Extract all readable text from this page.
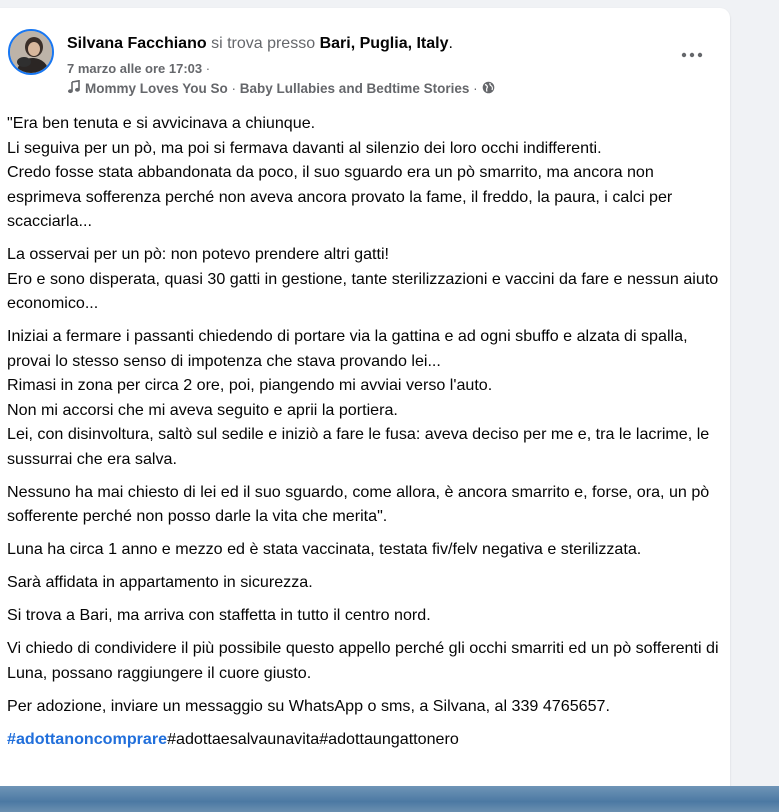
Silvana Facchiano si trova presso Bari, Puglia, Italy.
7 marzo alle ore 17:03 ·
Mommy Loves You So · Baby Lullabies and Bedtime Stories ·

"Era ben tenuta e si avvicinava a chiunque.
Li seguiva per un pò, ma poi si fermava davanti al silenzio dei loro occhi indifferenti.
Credo fosse stata abbandonata da poco, il suo sguardo era un pò smarrito, ma ancora non esprimeva sofferenza perché non aveva ancora provato la fame, il freddo, la paura, i calci per scacciarla...

La osservai per un pò: non potevo prendere altri gatti!
Ero e sono disperata, quasi 30 gatti in gestione, tante sterilizzazioni e vaccini da fare e nessun aiuto economico...

Iniziai a fermare i passanti chiedendo di portare via la gattina e ad ogni sbuffo e alzata di spalla, provai lo stesso senso di impotenza che stava provando lei...
Rimasi in zona per circa 2 ore, poi, piangendo mi avviai verso l'auto.
Non mi accorsi che mi aveva seguito e aprii la portiera.
Lei, con disinvoltura, saltò sul sedile e iniziò a fare le fusa: aveva deciso per me e, tra le lacrime, le sussurrai che era salva.

Nessuno ha mai chiesto di lei ed il suo sguardo, come allora, è ancora smarrito e, forse, ora, un pò sofferente perché non posso darle la vita che merita".

Luna ha circa 1 anno e mezzo ed è stata vaccinata, testata fiv/felv negativa e sterilizzata.

Sarà affidata in appartamento in sicurezza.

Si trova a Bari, ma arriva con staffetta in tutto il centro nord.

Vi chiedo di condividere il più possibile questo appello perché gli occhi smarriti ed un pò sofferenti di Luna, possano raggiungere il cuore giusto.

Per adozione, inviare un messaggio su WhatsApp o sms, a Silvana, al 339 4765657.

#adottanoncomprare#adottaesalvaunavita#adottaungattonero
